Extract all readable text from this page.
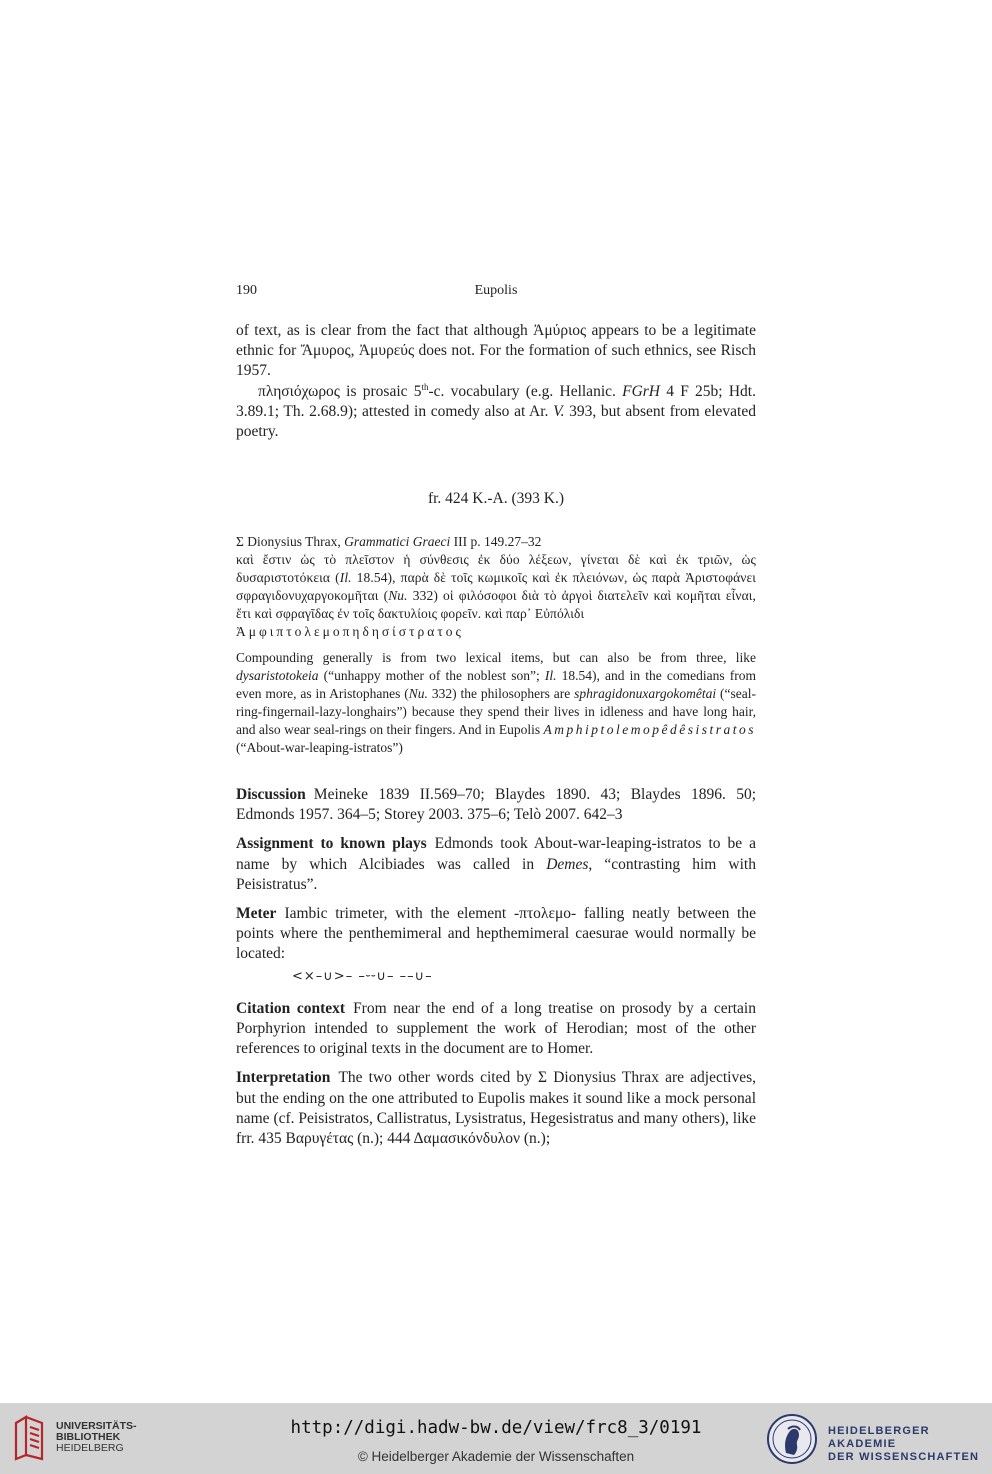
190	Eupolis

of text, as is clear from the fact that although Ἀμύριος appears to be a legitimate ethnic for Ἄμυρος, Ἀμυρεύς does not. For the formation of such ethnics, see Risch 1957.

πλησιόχωρος is prosaic 5th-c. vocabulary (e.g. Hellanic. FGrH 4 F 25b; Hdt. 3.89.1; Th. 2.68.9); attested in comedy also at Ar. V. 393, but absent from elevated poetry.

fr. 424 K.-A. (393 K.)

Σ Dionysius Thrax, Grammatici Graeci III p. 149.27–32

καὶ ἔστιν ὡς τὸ πλεῖστον ἡ σύνθεσις ἐκ δύο λέξεων, γίνεται δὲ καὶ ἐκ τριῶν, ὡς δυσαριστοτόκεια (Il. 18.54), παρὰ δὲ τοῖς κωμικοῖς καὶ ἐκ πλειόνων, ὡς παρὰ Ἀριστοφάνει σφραγιδονυχαργοκομῆται (Nu. 332) οἱ φιλόσοφοι διὰ τὸ ἀργοὶ διατελεῖν καὶ κομῆται εἶναι, ἔτι καὶ σφραγῖδας ἐν τοῖς δακτυλίοις φορεῖν. καὶ παρ᾽ Εὐπόλιδι

Ἀμφιπτολεμοπηδησίστρατος

Compounding generally is from two lexical items, but can also be from three, like dysaristotokeia (“unhappy mother of the noblest son”; Il. 18.54), and in the comedians from even more, as in Aristophanes (Nu. 332) the philosophers are sphragidonuxargokomêtai (“seal-ring-fingernail-lazy-longhairs”) because they spend their lives in idleness and have long hair, and also wear seal-rings on their fingers. And in Eupolis Amphiptolemopêdêsistratos (“About-war-leaping-istratos”)

Discussion Meineke 1839 II.569–70; Blaydes 1890. 43; Blaydes 1896. 50; Edmonds 1957. 364–5; Storey 2003. 375–6; Telò 2007. 642–3

Assignment to known plays Edmonds took About-war-leaping-istratos to be a name by which Alcibiades was called in Demes, “contrasting him with Peisistratus”.

Meter Iambic trimeter, with the element -πτολεμο- falling neatly between the points where the penthemimeral and hepthemimeral caesurae would normally be located:

<×–∪>– –⏑⏑∪– ––∪–

Citation context From near the end of a long treatise on prosody by a certain Porphyrion intended to supplement the work of Herodian; most of the other references to original texts in the document are to Homer.

Interpretation The two other words cited by Σ Dionysius Thrax are adjectives, but the ending on the one attributed to Eupolis makes it sound like a mock personal name (cf. Peisistratos, Callistratus, Lysistratus, Hegesistratus and many others), like frr. 435 Βαρυγέτας (n.); 444 Δαμασικόνδυλον (n.);

UNIVERSITÄTS-
BIBLIOTHEK
HEIDELBERG
http://digi.hadw-bw.de/view/frc8_3/0191
© Heidelberger Akademie der Wissenschaften
HEIDELBERGER AKADEMIE
DER WISSENSCHAFTEN
